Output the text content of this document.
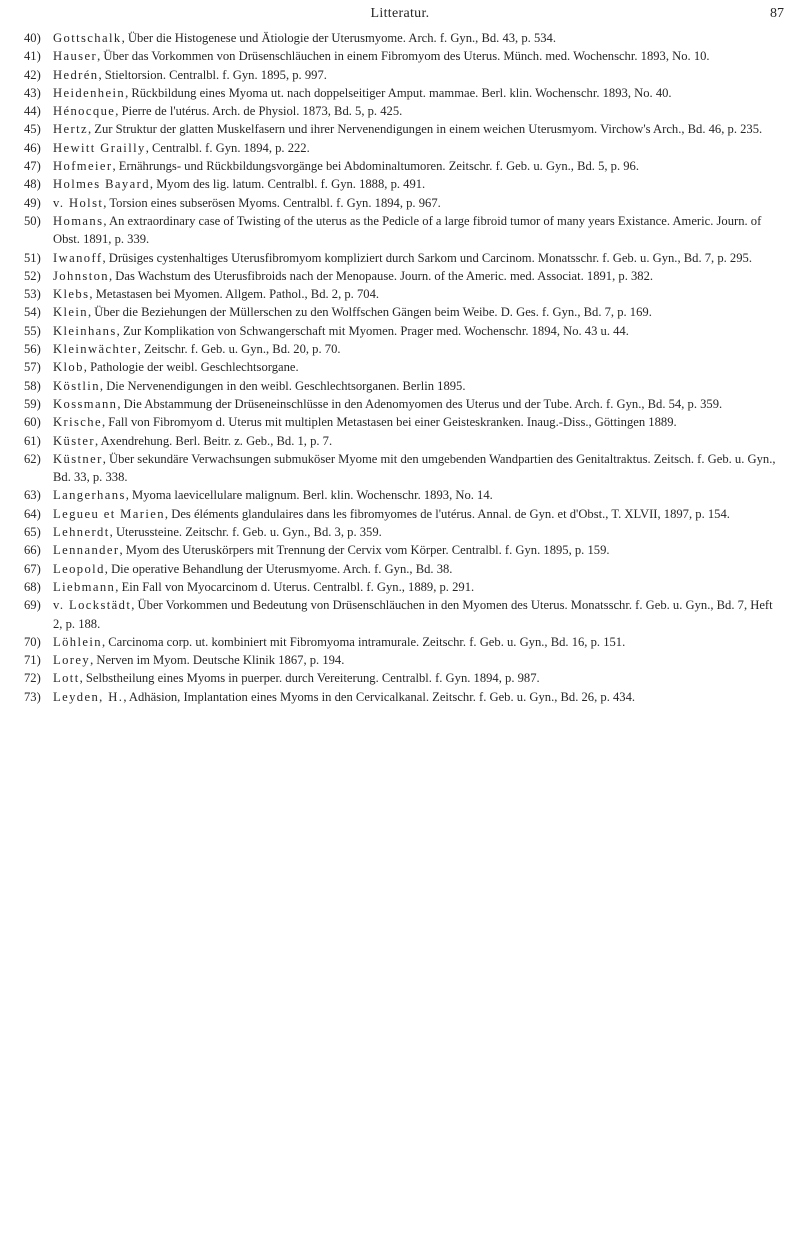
Litteratur.	87
40) Gottschalk, Über die Histogenese und Ätiologie der Uterusmyome. Arch. f. Gyn., Bd. 43, p. 534.
41) Hauser, Über das Vorkommen von Drüsenschläuchen in einem Fibromyom des Uterus. Münch. med. Wochenschr. 1893, No. 10.
42) Hedrén, Stieltorsion. Centralbl. f. Gyn. 1895, p. 997.
43) Heidenhein, Rückbildung eines Myoma ut. nach doppelseitiger Amput. mammae. Berl. klin. Wochenschr. 1893, No. 40.
44) Hénocque, Pierre de l'utérus. Arch. de Physiol. 1873, Bd. 5, p. 425.
45) Hertz, Zur Struktur der glatten Muskelfasern und ihrer Nervenendigungen in einem weichen Uterusmyom. Virchow's Arch., Bd. 46, p. 235.
46) Hewitt Grailly, Centralbl. f. Gyn. 1894, p. 222.
47) Hofmeier, Ernährungs- und Rückbildungsvorgänge bei Abdominaltumoren. Zeitschr. f. Geb. u. Gyn., Bd. 5, p. 96.
48) Holmes Bayard, Myom des lig. latum. Centralbl. f. Gyn. 1888, p. 491.
49) v. Holst, Torsion eines subserösen Myoms. Centralbl. f. Gyn. 1894, p. 967.
50) Homans, An extraordinary case of Twisting of the uterus as the Pedicle of a large fibroid tumor of many years Existance. Americ. Journ. of Obst. 1891, p. 339.
51) Iwanoff, Drüsiges cystenhaltiges Uterusfibromyom kompliziert durch Sarkom und Carcinom. Monatsschr. f. Geb. u. Gyn., Bd. 7, p. 295.
52) Johnston, Das Wachstum des Uterusfibroids nach der Menopause. Journ. of the Americ. med. Associat. 1891, p. 382.
53) Klebs, Metastasen bei Myomen. Allgem. Pathol., Bd. 2, p. 704.
54) Klein, Über die Beziehungen der Müllerschen zu den Wolffschen Gängen beim Weibe. D. Ges. f. Gyn., Bd. 7, p. 169.
55) Kleinhans, Zur Komplikation von Schwangerschaft mit Myomen. Prager med. Wochenschr. 1894, No. 43 u. 44.
56) Kleinwächter, Zeitschr. f. Geb. u. Gyn., Bd. 20, p. 70.
57) Klob, Pathologie der weibl. Geschlechtsorgane.
58) Köstlin, Die Nervenendigungen in den weibl. Geschlechtsorganen. Berlin 1895.
59) Kossmann, Die Abstammung der Drüseneinschlüsse in den Adenomyomen des Uterus und der Tube. Arch. f. Gyn., Bd. 54, p. 359.
60) Krische, Fall von Fibromyom d. Uterus mit multiplen Metastasen bei einer Geisteskranken. Inaug.-Diss., Göttingen 1889.
61) Küster, Axendrehung. Berl. Beitr. z. Geb., Bd. 1, p. 7.
62) Küstner, Über sekundäre Verwachsungen submuköser Myome mit den umgebenden Wandpartien des Genitaltraktus. Zeitsch. f. Geb. u. Gyn., Bd. 33, p. 338.
63) Langerhans, Myoma laevicellulare malignum. Berl. klin. Wochenschr. 1893, No. 14.
64) Legueu et Marien, Des éléments glandulaires dans les fibromyomes de l'utérus. Annal. de Gyn. et d'Obst., T. XLVII, 1897, p. 154.
65) Lehnerdt, Uterussteine. Zeitschr. f. Geb. u. Gyn., Bd. 3, p. 359.
66) Lennander, Myom des Uteruskörpers mit Trennung der Cervix vom Körper. Centralbl. f. Gyn. 1895, p. 159.
67) Leopold, Die operative Behandlung der Uterusmyome. Arch. f. Gyn., Bd. 38.
68) Liebmann, Ein Fall von Myocarcinom d. Uterus. Centralbl. f. Gyn., 1889, p. 291.
69) v. Lockstädt, Über Vorkommen und Bedeutung von Drüsenschläuchen in den Myomen des Uterus. Monatsschr. f. Geb. u. Gyn., Bd. 7, Heft 2, p. 188.
70) Löhlein, Carcinoma corp. ut. kombiniert mit Fibromyoma intramurale. Zeitschr. f. Geb. u. Gyn., Bd. 16, p. 151.
71) Lorey, Nerven im Myom. Deutsche Klinik 1867, p. 194.
72) Lott, Selbstheilung eines Myoms in puerper. durch Vereiterung. Centralbl. f. Gyn. 1894, p. 987.
73) Leyden, H., Adhäsion, Implantation eines Myoms in den Cervicalkanal. Zeitschr. f. Geb. u. Gyn., Bd. 26, p. 434.
